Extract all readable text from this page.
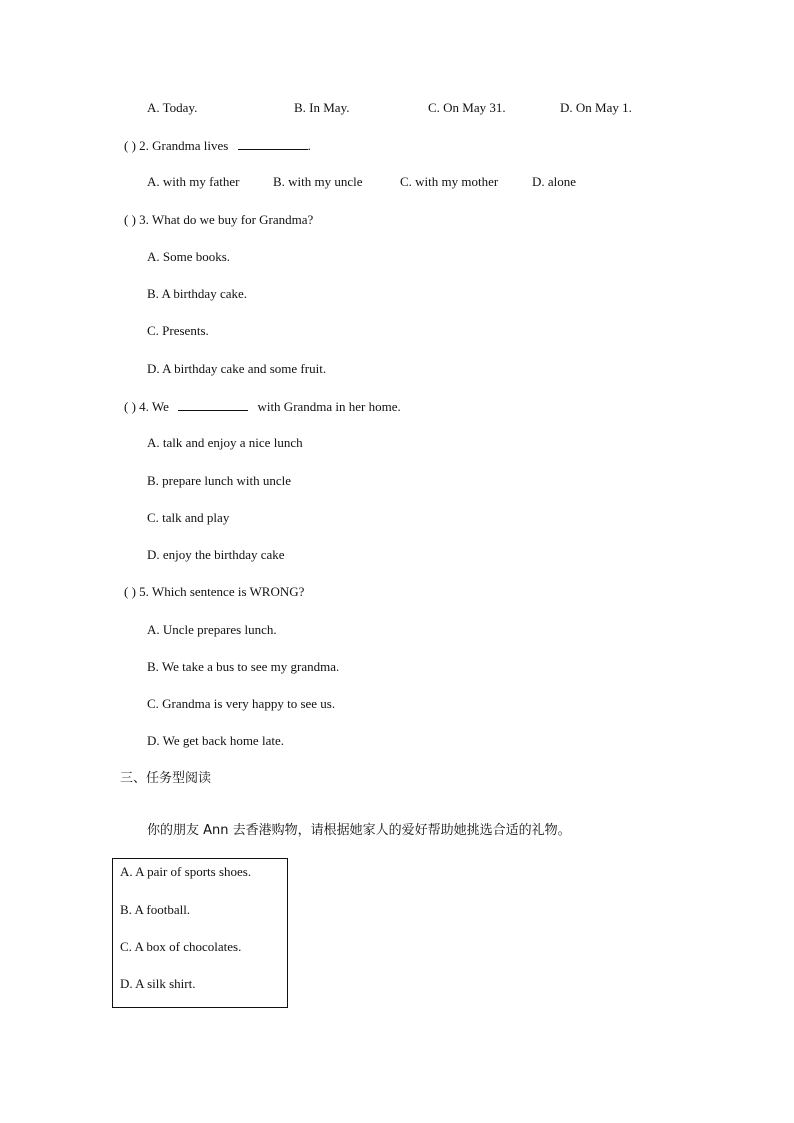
A. Today.	B. In May.	C. On May 31.	D. On May 1.
( ) 2. Grandma lives	.
A. with my father	B. with my uncle	C. with my mother	D. alone
( ) 3. What do we buy for Grandma?
A. Some books.
B. A birthday cake.
C. Presents.
D. A birthday cake and some fruit.
( ) 4. We	with Grandma in her home.
A. talk and enjoy a nice lunch
B. prepare lunch with uncle
C. talk and play
D. enjoy the birthday cake
( ) 5. Which sentence is WRONG?
A. Uncle prepares lunch.
B. We take a bus to see my grandma.
C. Grandma is very happy to see us.
D. We get back home late.
三、任务型阅读
你的朋友 Ann 去香港购物，请根据她家人的爱好帮助她挑选合适的礼物。
A. A pair of sports shoes.
B. A football.
C. A box of chocolates.
D. A silk shirt.
